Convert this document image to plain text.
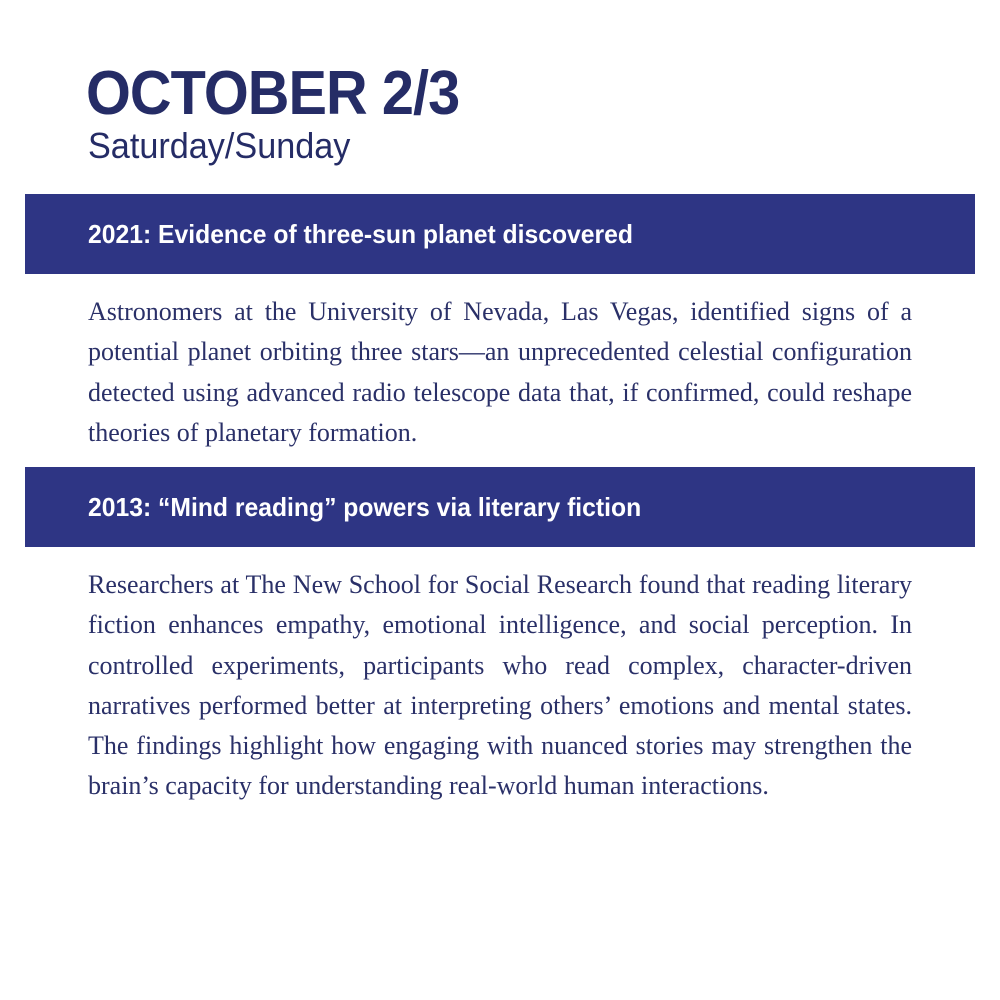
OCTOBER 2/3
Saturday/Sunday
2021: Evidence of three-sun planet discovered

Astronomers at the University of Nevada, Las Vegas, identified signs of a potential planet orbiting three stars—an unprecedented celestial configuration detected using advanced radio telescope data that, if confirmed, could reshape theories of planetary formation.

2013: “Mind reading” powers via literary fiction

Researchers at The New School for Social Research found that reading literary fiction enhances empathy, emotional intelligence, and social perception. In controlled experiments, participants who read complex, character-driven narratives performed better at interpreting others’ emotions and mental states. The findings highlight how engaging with nuanced stories may strengthen the brain’s capacity for understanding real-world human interactions.
